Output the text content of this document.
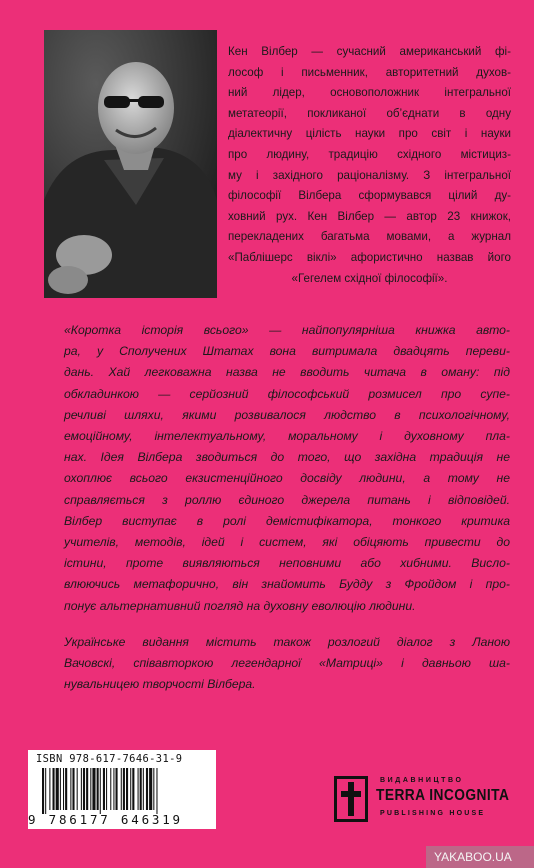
Кен Вілбер — сучасний американський фі-
лософ і письменник, авторитетний духов-
ний лідер, основоположник інтегральної
метатеорії, покликаної об’єднати в одну
діалектичну цілість науки про світ і науки
про людину, традицію східного містициз-
му і західного раціоналізму. З інтегральної
філософії Вілбера сформувався цілий ду-
ховний рух. Кен Вілбер — автор 23 книжок,
перекладених багатьма мовами, а журнал
«Паблішерс віклі» афористично назвав його
«Гегелем східної філософії».
«Коротка історія всього» — найпопулярніша книжка авто-
ра, у Сполучених Штатах вона витримала двадцять переви-
дань. Хай легковажна назва не вводить читача в оману: під
обкладинкою — серйозний філософський розмисел про супе-
речливі шляхи, якими розвивалося людство в психологічному,
емоційному, інтелектуальному, моральному і духовному пла-
нах. Ідея Вілбера зводиться до того, що західна традиція не
охоплює всього екзистенційного досвіду людини, а тому не
справляється з роллю єдиного джерела питань і відповідей.
Вілбер виступає в ролі демістифікатора, тонкого критика
учителів, методів, ідей і систем, які обіцяють привести до
істини, проте виявляються неповними або хибними. Висло-
влюючись метафорично, він знайомить Будду з Фройдом і про-
понує альтернативний погляд на духовну еволюцію людини.
Українське видання містить також розлогий діалог з Ланою
Вачовскі, співавторкою легендарної «Матриці» і давньою ша-
нувальницею творчості Вілбера.
ISBN 978-617-7646-31-9
9 786177 646319
ВИДАВНИЦТВО
TERRA INCOGNITA
PUBLISHING HOUSE
YAKABOO.UA
